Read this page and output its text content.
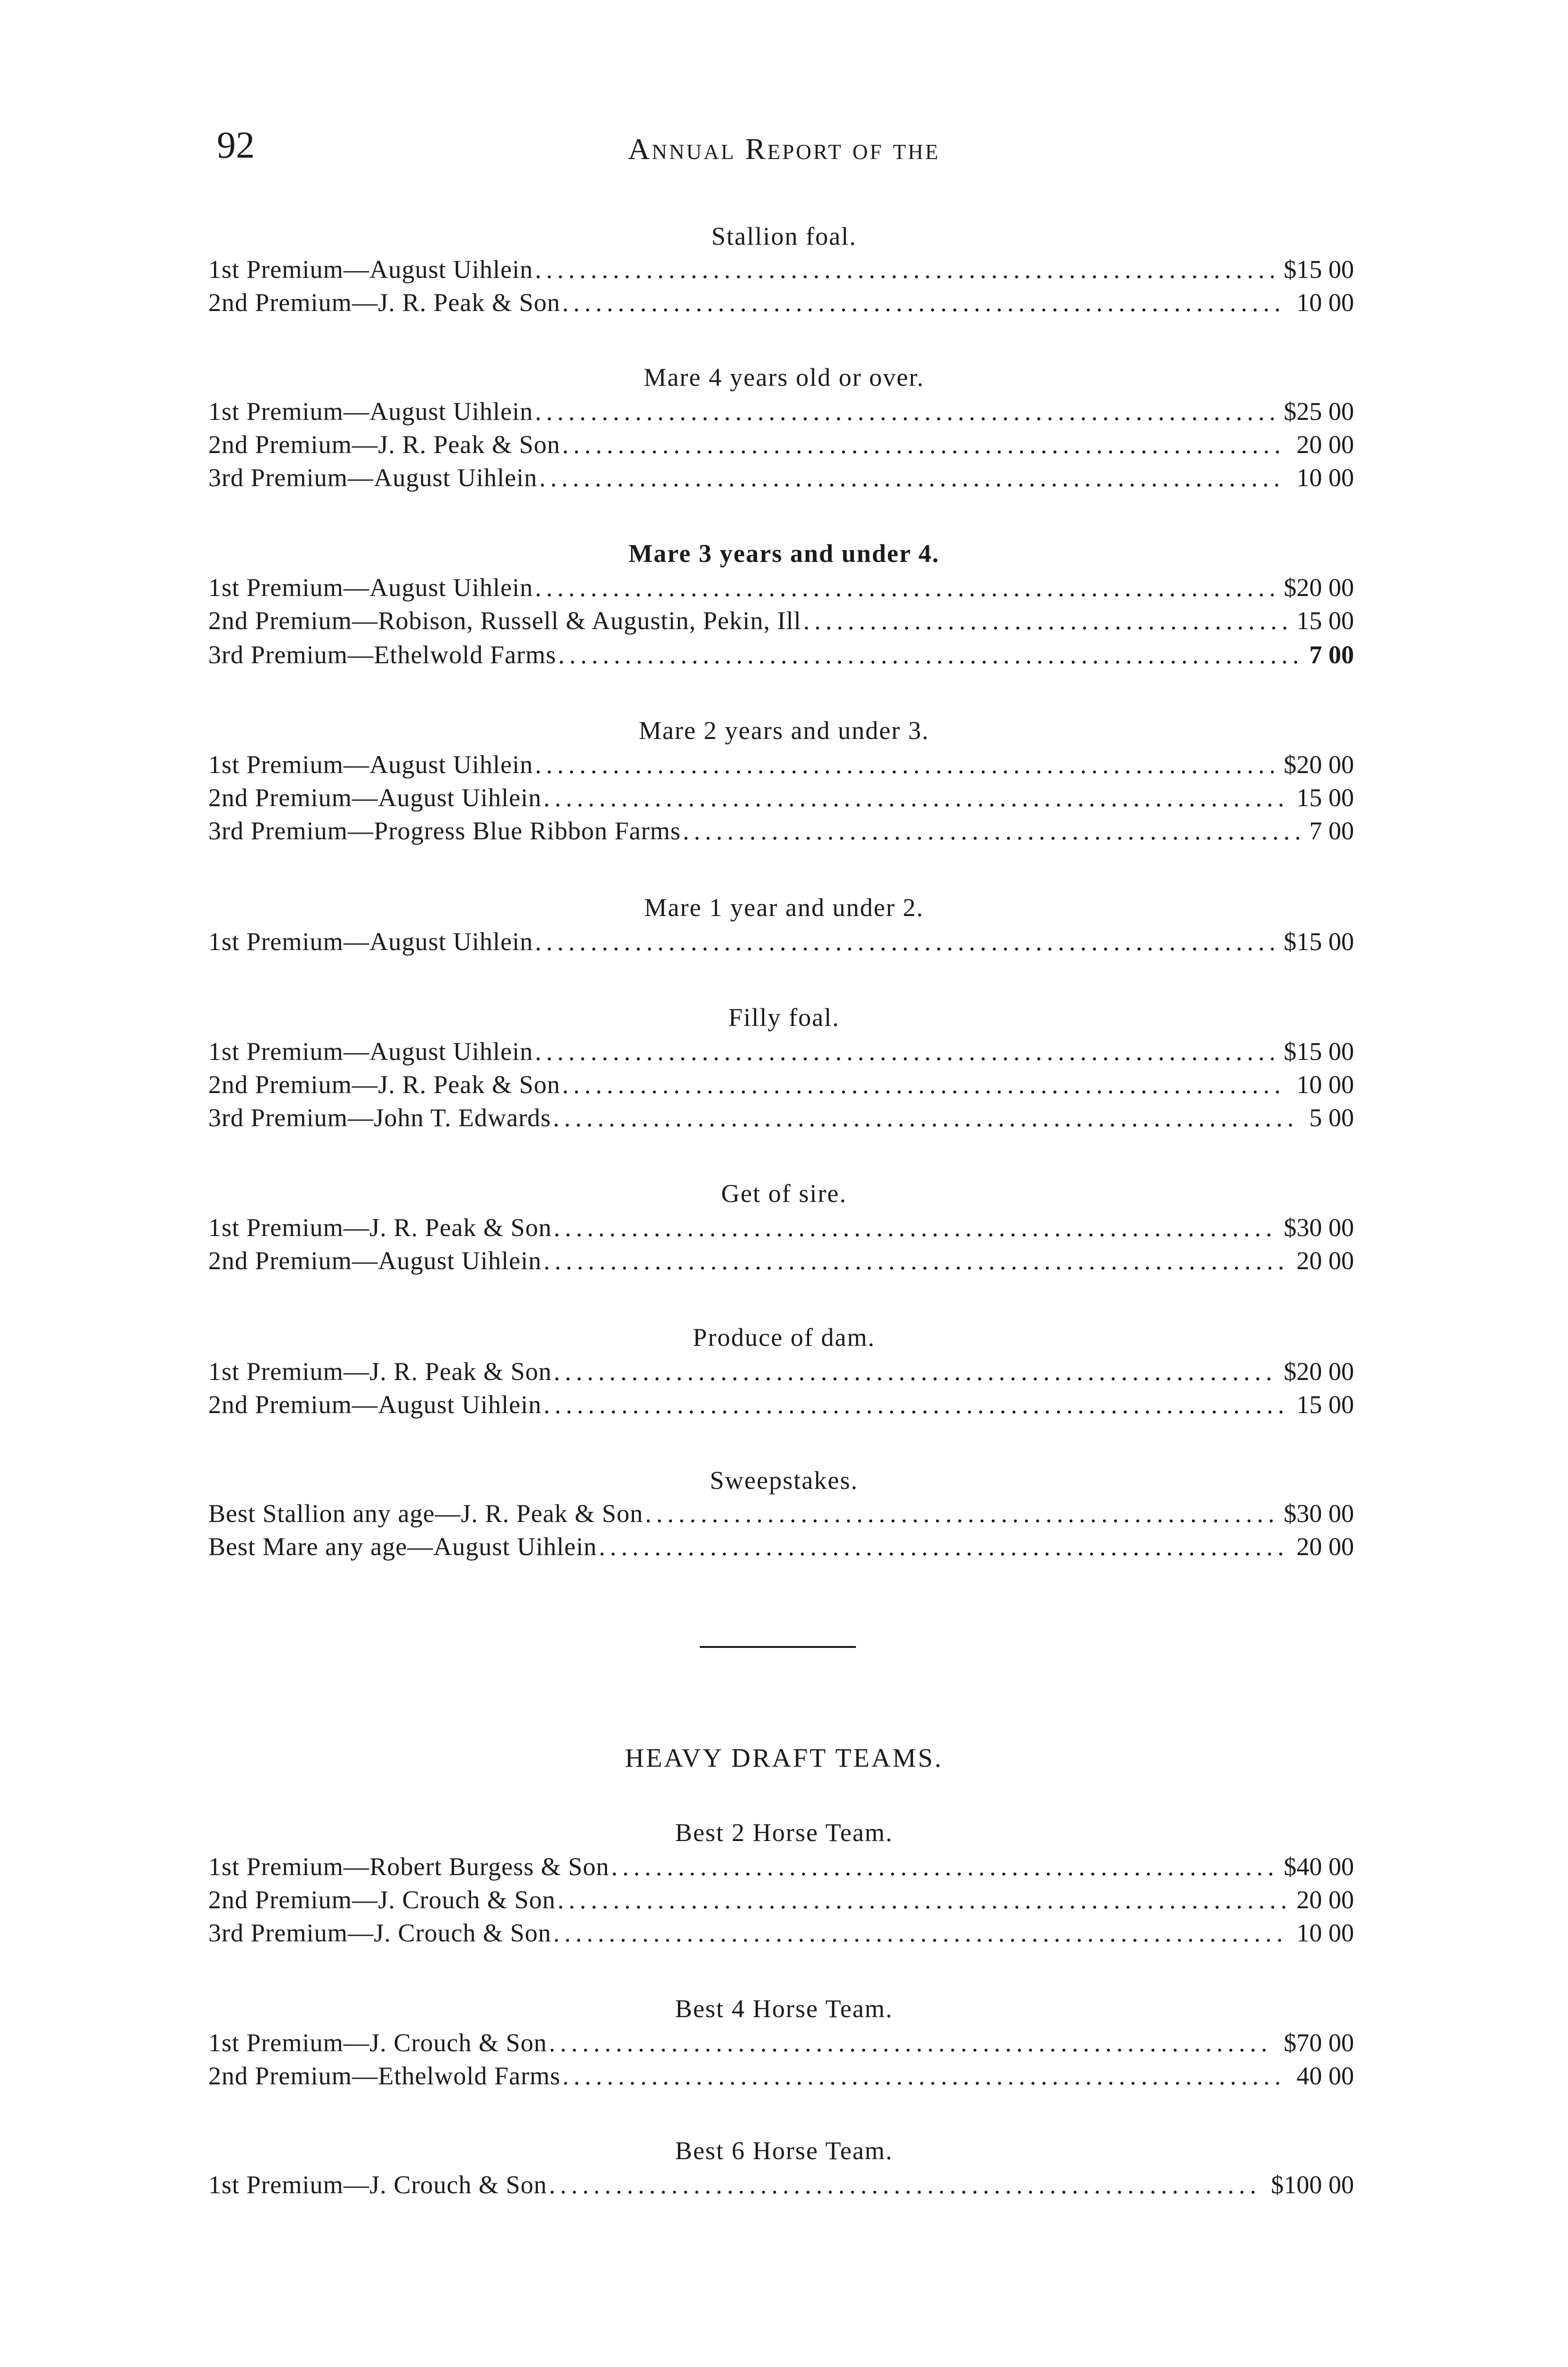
92	Annual Report of the
Stallion foal.
1st Premium—August Uihlein .....	$15 00
2nd Premium—J. R. Peak & Son .....	10 00
Mare 4 years old or over.
1st Premium—August Uihlein .....	$25 00
2nd Premium—J. R. Peak & Son .....	20 00
3rd Premium—August Uihlein .....	10 00
Mare 3 years and under 4.
1st Premium—August Uihlein .....	$20 00
2nd Premium—Robison, Russell & Augustin, Pekin, Ill .....	15 00
3rd Premium—Ethelwold Farms .....	7 00
Mare 2 years and under 3.
1st Premium—August Uihlein .....	$20 00
2nd Premium—August Uihlein .....	15 00
3rd Premium—Progress Blue Ribbon Farms .....	7 00
Mare 1 year and under 2.
1st Premium—August Uihlein .....	$15 00
Filly foal.
1st Premium—August Uihlein .....	$15 00
2nd Premium—J. R. Peak & Son .....	10 00
3rd Premium—John T. Edwards .....	5 00
Get of sire.
1st Premium—J. R. Peak & Son .....	$30 00
2nd Premium—August Uihlein .....	20 00
Produce of dam.
1st Premium—J. R. Peak & Son .....	$20 00
2nd Premium—August Uihlein .....	15 00
Sweepstakes.
Best Stallion any age—J. R. Peak & Son .....	$30 00
Best Mare any age—August Uihlein .....	20 00
HEAVY DRAFT TEAMS.
Best 2 Horse Team.
1st Premium—Robert Burgess & Son .....	$40 00
2nd Premium—J. Crouch & Son .....	20 00
3rd Premium—J. Crouch & Son .....	10 00
Best 4 Horse Team.
1st Premium—J. Crouch & Son .....	$70 00
2nd Premium—Ethelwold Farms .....	40 00
Best 6 Horse Team.
1st Premium—J. Crouch & Son .....	$100 00
